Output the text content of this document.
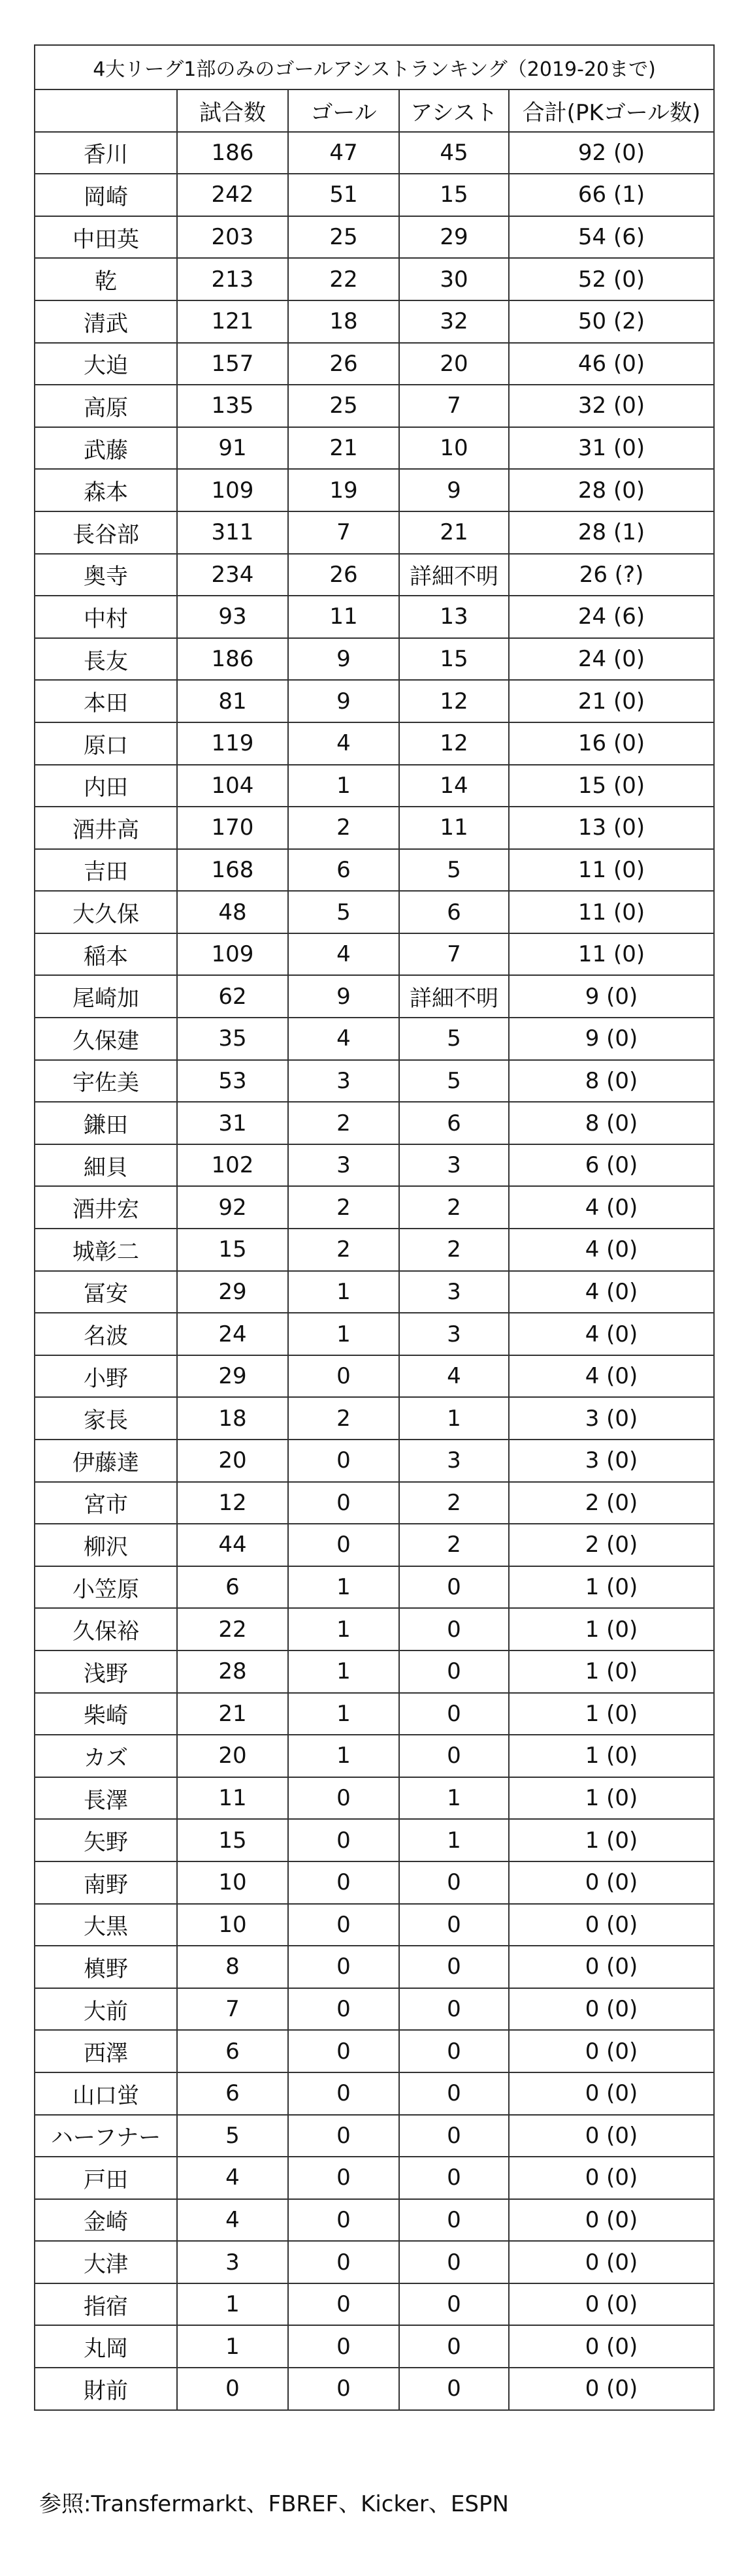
4大リーグ1部のみのゴールアシストランキング（2019-20まで)				
	試合数	ゴール	アシスト	合計(PKゴール数)
香川	186	47	45	92 (0)
岡崎	242	51	15	66 (1)
中田英	203	25	29	54 (6)
乾	213	22	30	52 (0)
清武	121	18	32	50 (2)
大迫	157	26	20	46 (0)
高原	135	25	7	32 (0)
武藤	91	21	10	31 (0)
森本	109	19	9	28 (0)
長谷部	311	7	21	28 (1)
奥寺	234	26	詳細不明	26 (?)
中村	93	11	13	24 (6)
長友	186	9	15	24 (0)
本田	81	9	12	21 (0)
原口	119	4	12	16 (0)
内田	104	1	14	15 (0)
酒井高	170	2	11	13 (0)
吉田	168	6	5	11 (0)
大久保	48	5	6	11 (0)
稲本	109	4	7	11 (0)
尾崎加	62	9	詳細不明	9 (0)
久保建	35	4	5	9 (0)
宇佐美	53	3	5	8 (0)
鎌田	31	2	6	8 (0)
細貝	102	3	3	6 (0)
酒井宏	92	2	2	4 (0)
城彰二	15	2	2	4 (0)
冨安	29	1	3	4 (0)
名波	24	1	3	4 (0)
小野	29	0	4	4 (0)
家長	18	2	1	3 (0)
伊藤達	20	0	3	3 (0)
宮市	12	0	2	2 (0)
柳沢	44	0	2	2 (0)
小笠原	6	1	0	1 (0)
久保裕	22	1	0	1 (0)
浅野	28	1	0	1 (0)
柴崎	21	1	0	1 (0)
カズ	20	1	0	1 (0)
長澤	11	0	1	1 (0)
矢野	15	0	1	1 (0)
南野	10	0	0	0 (0)
大黒	10	0	0	0 (0)
槙野	8	0	0	0 (0)
大前	7	0	0	0 (0)
西澤	6	0	0	0 (0)
山口蛍	6	0	0	0 (0)
ハーフナー	5	0	0	0 (0)
戸田	4	0	0	0 (0)
金崎	4	0	0	0 (0)
大津	3	0	0	0 (0)
指宿	1	0	0	0 (0)
丸岡	1	0	0	0 (0)
財前	0	0	0	0 (0)
参照:Transfermarkt、FBREF、Kicker、ESPN
